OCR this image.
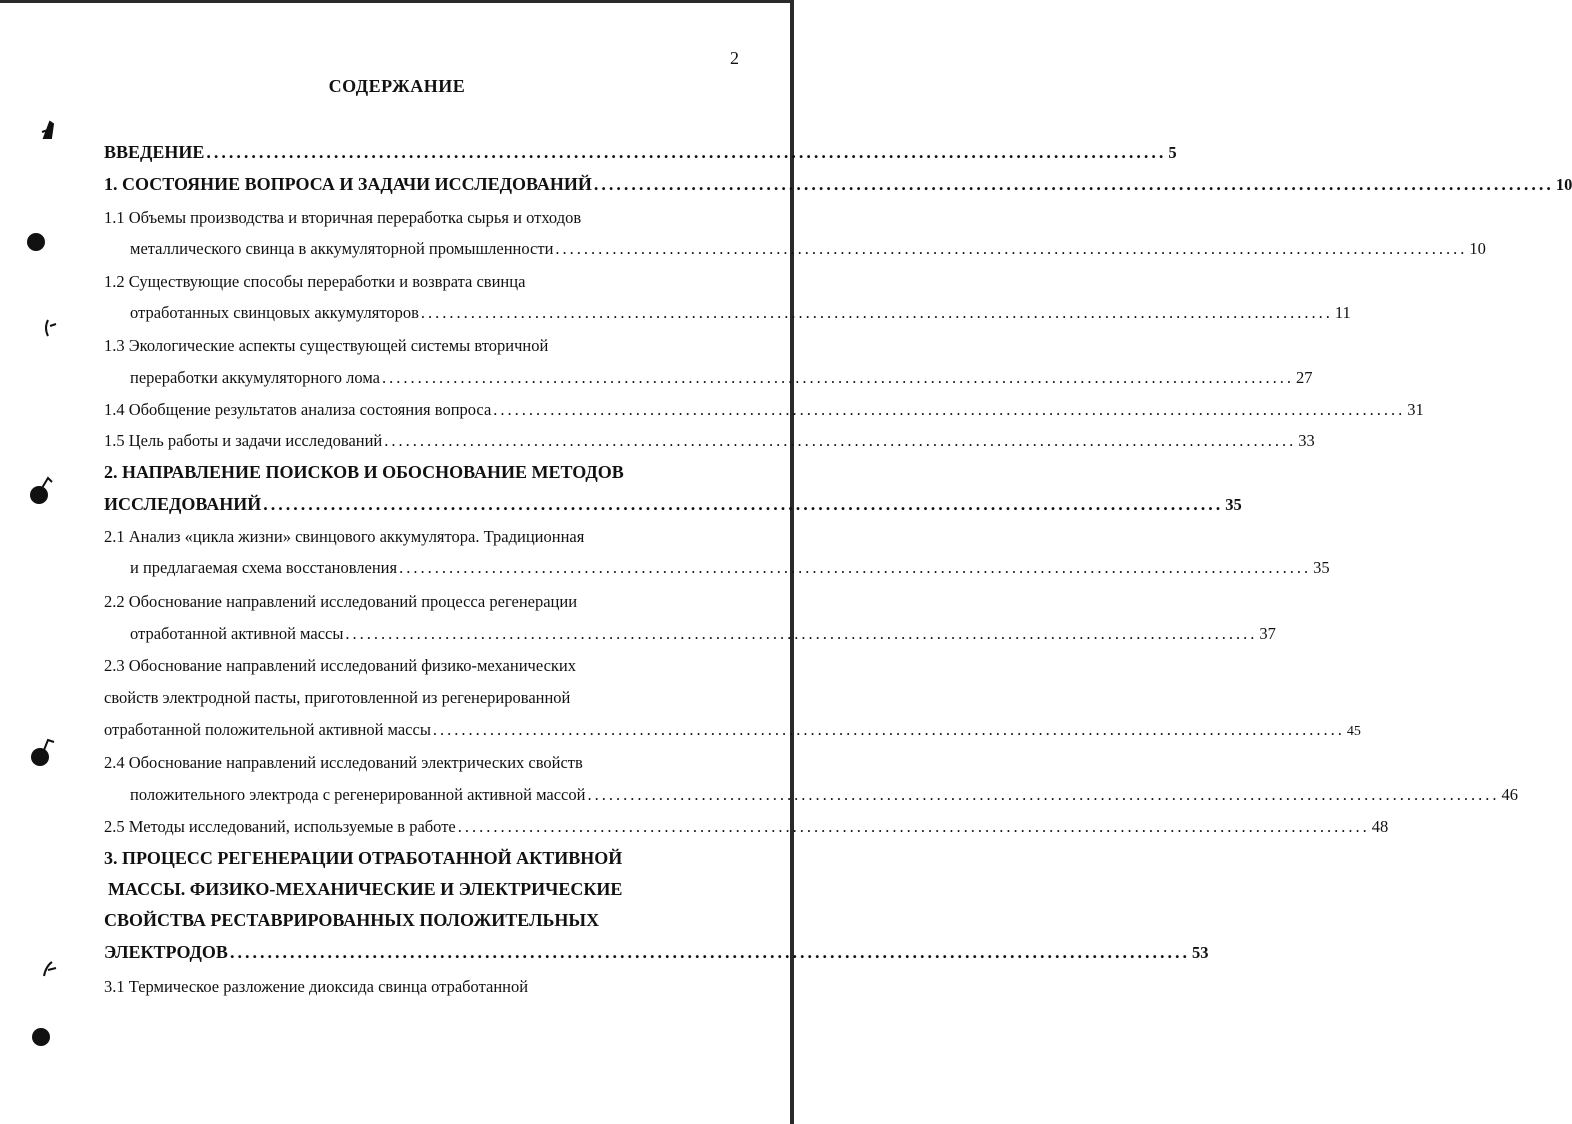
2
СОДЕРЖАНИЕ
ВВЕДЕНИЕ ................................................................................................................................ 5
1. СОСТОЯНИЕ ВОПРОСА И ЗАДАЧИ ИССЛЕДОВАНИЙ ................................................................................................................................ 10
1.1 Объемы производства и вторичная переработка сырья и отходов
металлического свинца в аккумуляторной промышленности ................................................................................................................................ 10
1.2 Существующие способы переработки и возврата свинца
отработанных свинцовых аккумуляторов ................................................................................................................................ 11
1.3 Экологические аспекты существующей системы вторичной
переработки аккумуляторного лома ................................................................................................................................ 27
1.4 Обобщение результатов анализа состояния вопроса ................................................................................................................................ 31
1.5 Цель работы и задачи исследований ................................................................................................................................ 33
2. НАПРАВЛЕНИЕ ПОИСКОВ И ОБОСНОВАНИЕ МЕТОДОВ
ИССЛЕДОВАНИЙ ................................................................................................................................ 35
2.1 Анализ «цикла жизни» свинцового аккумулятора. Традиционная
и предлагаемая схема восстановления ................................................................................................................................ 35
2.2 Обоснование направлений исследований процесса регенерации
отработанной активной массы ................................................................................................................................ 37
2.3 Обоснование направлений исследований физико-механических
свойств электродной пасты, приготовленной из регенерированной
отработанной положительной активной массы ................................................................................................................................ 45
2.4 Обоснование направлений исследований электрических свойств
положительного электрода с регенерированной активной массой ................................................................................................................................ 46
2.5 Методы исследований, используемые в работе ................................................................................................................................ 48
3. ПРОЦЕСС РЕГЕНЕРАЦИИ ОТРАБОТАННОЙ АКТИВНОЙ
МАССЫ. ФИЗИКО-МЕХАНИЧЕСКИЕ И ЭЛЕКТРИЧЕСКИЕ
СВОЙСТВА РЕСТАВРИРОВАННЫХ ПОЛОЖИТЕЛЬНЫХ
ЭЛЕКТРОДОВ ................................................................................................................................ 53
3.1 Термическое разложение диоксида свинца отработанной
